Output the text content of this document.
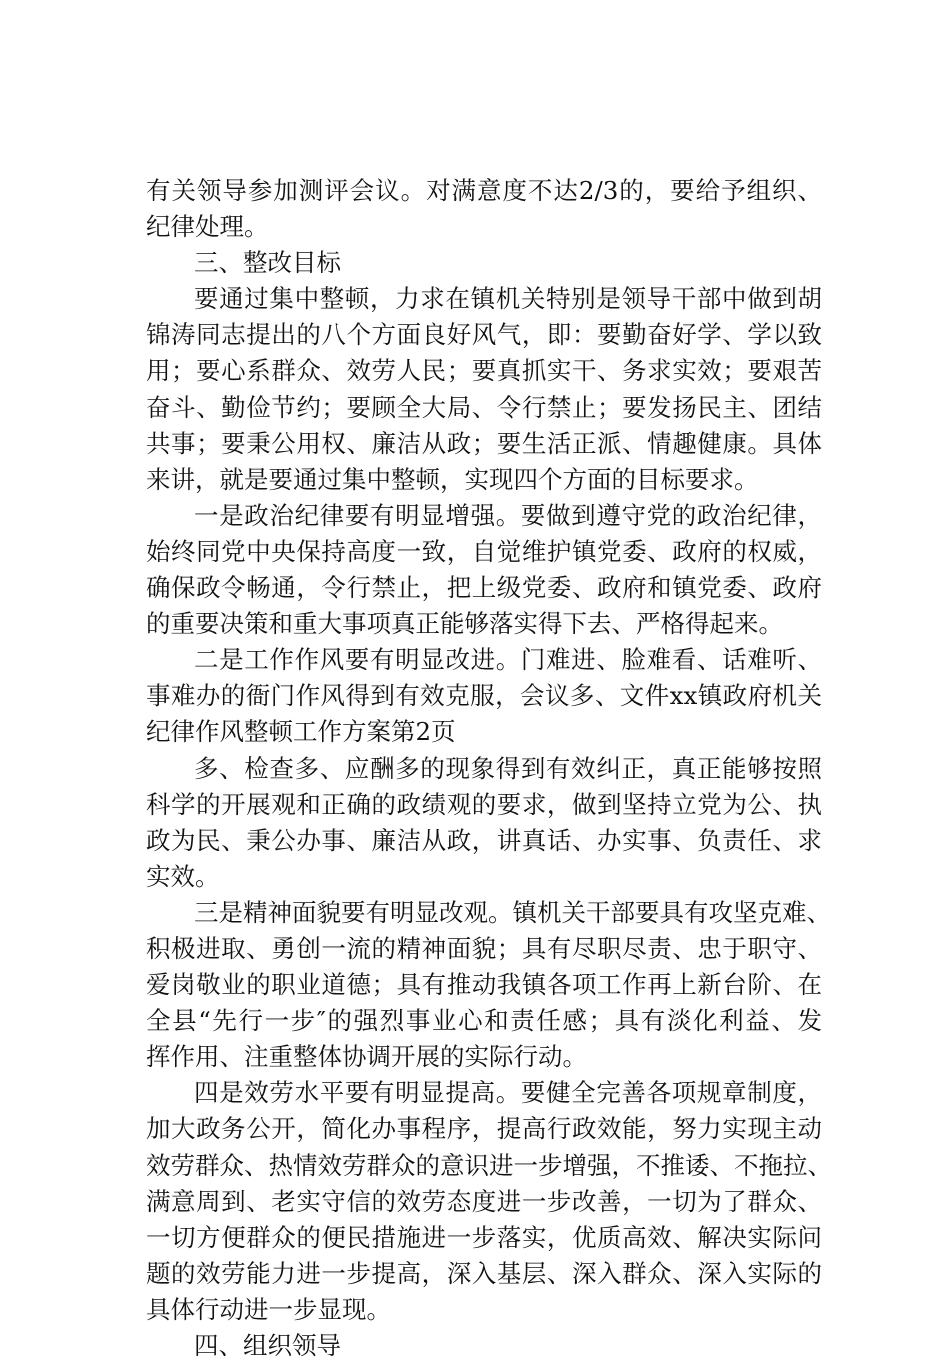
有关领导参加测评会议。对满意度不达2/3的，要给予组织、
纪律处理。
三、整改目标
要通过集中整顿，力求在镇机关特别是领导干部中做到胡
锦涛同志提出的八个方面良好风气，即：要勤奋好学、学以致
用；要心系群众、效劳人民；要真抓实干、务求实效；要艰苦
奋斗、勤俭节约；要顾全大局、令行禁止；要发扬民主、团结
共事；要秉公用权、廉洁从政；要生活正派、情趣健康。具体
来讲，就是要通过集中整顿，实现四个方面的目标要求。
一是政治纪律要有明显增强。要做到遵守党的政治纪律，
始终同党中央保持高度一致，自觉维护镇党委、政府的权威，
确保政令畅通，令行禁止，把上级党委、政府和镇党委、政府
的重要决策和重大事项真正能够落实得下去、严格得起来。
二是工作作风要有明显改进。门难进、脸难看、话难听、
事难办的衙门作风得到有效克服，会议多、文件xx镇政府机关
纪律作风整顿工作方案第2页
多、检查多、应酬多的现象得到有效纠正，真正能够按照
科学的开展观和正确的政绩观的要求，做到坚持立党为公、执
政为民、秉公办事、廉洁从政，讲真话、办实事、负责任、求
实效。
三是精神面貌要有明显改观。镇机关干部要具有攻坚克难、
积极进取、勇创一流的精神面貌；具有尽职尽责、忠于职守、
爱岗敬业的职业道德；具有推动我镇各项工作再上新台阶、在
全县“先行一步″的强烈事业心和责任感；具有淡化利益、发
挥作用、注重整体协调开展的实际行动。
四是效劳水平要有明显提高。要健全完善各项规章制度，
加大政务公开，简化办事程序，提高行政效能，努力实现主动
效劳群众、热情效劳群众的意识进一步增强，不推诿、不拖拉、
满意周到、老实守信的效劳态度进一步改善，一切为了群众、
一切方便群众的便民措施进一步落实，优质高效、解决实际问
题的效劳能力进一步提高，深入基层、深入群众、深入实际的
具体行动进一步显现。
四、组织领导
